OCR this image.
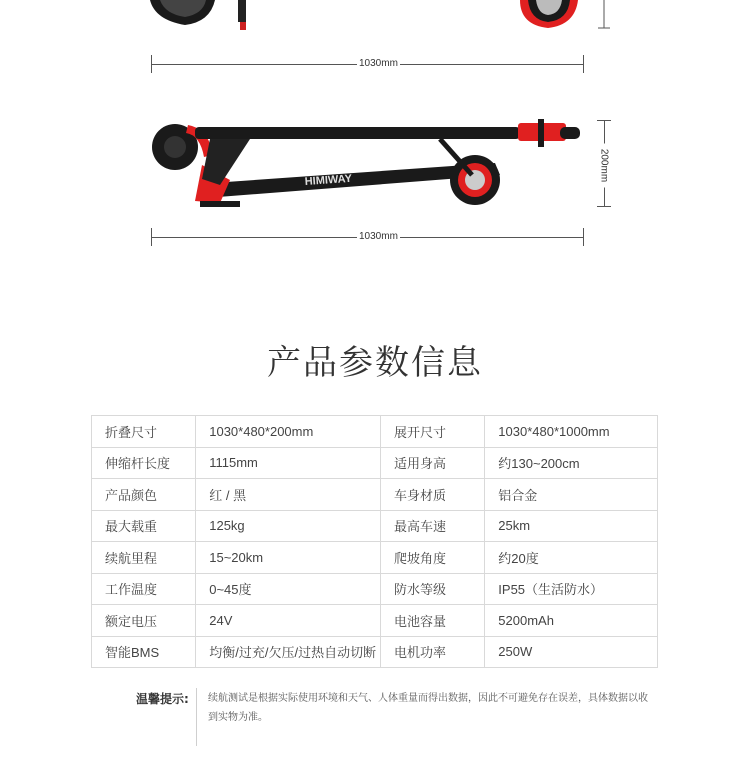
1030mm
HIMIWAY	200mm
1030mm
产品参数信息
折叠尺寸	1030*480*200mm	展开尺寸	1030*480*1000mm
伸缩杆长度	1115mm	适用身高	约130~200cm
产品颜色	红 / 黑	车身材质	铝合金
最大载重	125kg	最高车速	25km
续航里程	15~20km	爬坡角度	约20度
工作温度	0~45度	防水等级	IP55（生活防水）
额定电压	24V	电池容量	5200mAh
智能BMS	均衡/过充/欠压/过热自动切断	电机功率	250W
温馨提示: 续航测试是根据实际使用环境和天气、人体重量而得出数据，因此不可避免存在误差，具体数据以收到实物为准。
